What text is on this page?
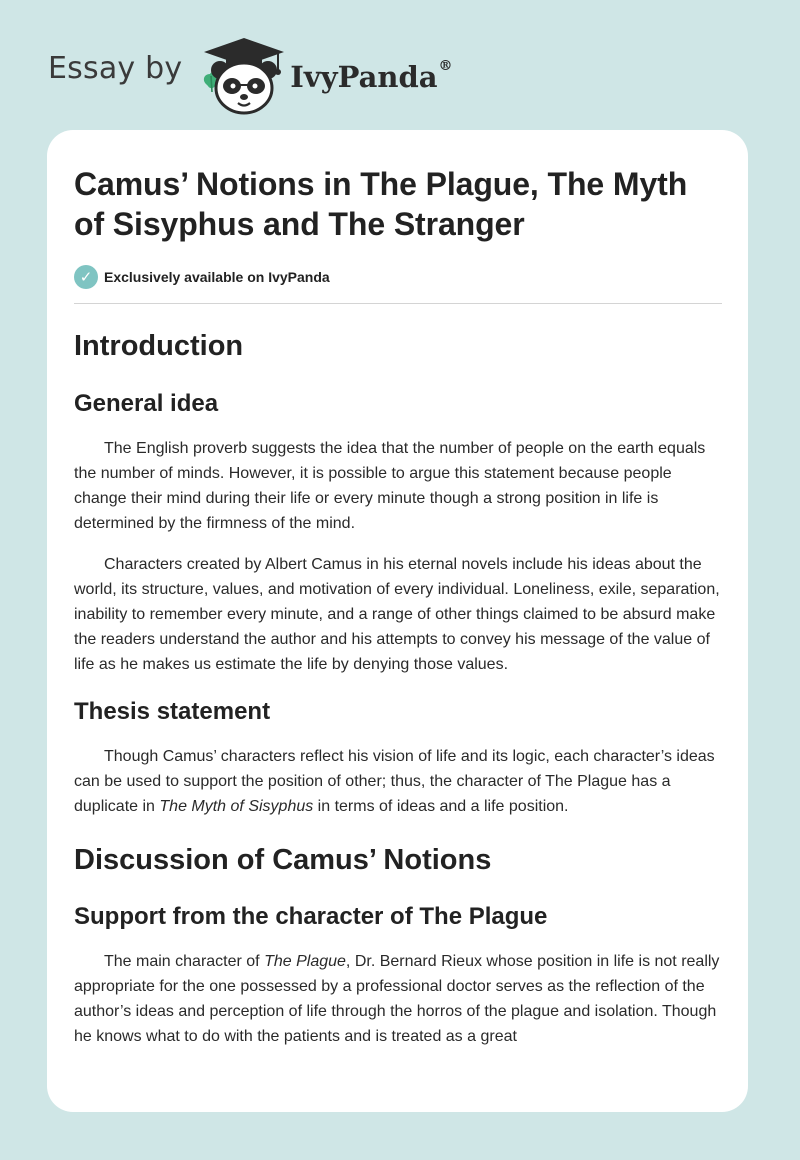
Essay by	IvyPanda®
Camus’ Notions in The Plague, The Myth of Sisyphus and The Stranger
✓ Exclusively available on IvyPanda
Introduction
General idea

The English proverb suggests the idea that the number of people on the earth equals the number of minds. However, it is possible to argue this statement because people change their mind during their life or every minute though a strong position in life is determined by the firmness of the mind.

Characters created by Albert Camus in his eternal novels include his ideas about the world, its structure, values, and motivation of every individual. Loneliness, exile, separation, inability to remember every minute, and a range of other things claimed to be absurd make the readers understand the author and his attempts to convey his message of the value of life as he makes us estimate the life by denying those values.

Thesis statement

Though Camus’ characters reflect his vision of life and its logic, each character’s ideas can be used to support the position of other; thus, the character of The Plague has a duplicate in The Myth of Sisyphus in terms of ideas and a life position.

Discussion of Camus’ Notions
Support from the character of The Plague

The main character of The Plague, Dr. Bernard Rieux whose position in life is not really appropriate for the one possessed by a professional doctor serves as the reflection of the author’s ideas and perception of life through the horros of the plague and isolation. Though he knows what to do with the patients and is treated as a great
